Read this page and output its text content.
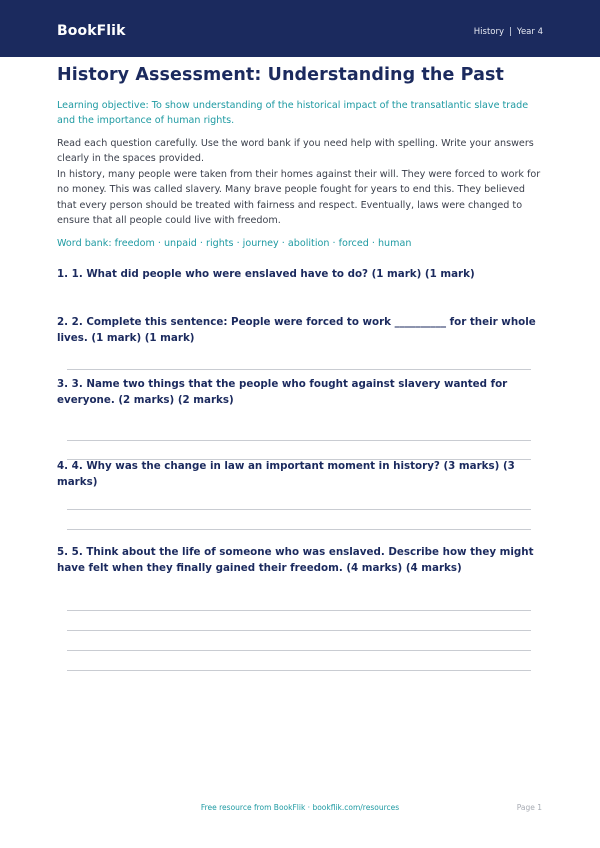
BookFlik	History | Year 4
History Assessment: Understanding the Past

Learning objective: To show understanding of the historical impact of the transatlantic slave trade and the importance of human rights.

Read each question carefully. Use the word bank if you need help with spelling. Write your answers clearly in the spaces provided.

In history, many people were taken from their homes against their will. They were forced to work for no money. This was called slavery. Many brave people fought for years to end this. They believed that every person should be treated with fairness and respect. Eventually, laws were changed to ensure that all people could live with freedom.

Word bank: freedom · unpaid · rights · journey · abolition · forced · human

1. 1. What did people who were enslaved have to do? (1 mark) (1 mark)

2. 2. Complete this sentence: People were forced to work __________ for their whole lives. (1 mark) (1 mark)

3. 3. Name two things that the people who fought against slavery wanted for everyone. (2 marks) (2 marks)

4. 4. Why was the change in law an important moment in history? (3 marks) (3 marks)

5. 5. Think about the life of someone who was enslaved. Describe how they might have felt when they finally gained their freedom. (4 marks) (4 marks)

Free resource from BookFlik · bookflik.com/resources	Page 1
